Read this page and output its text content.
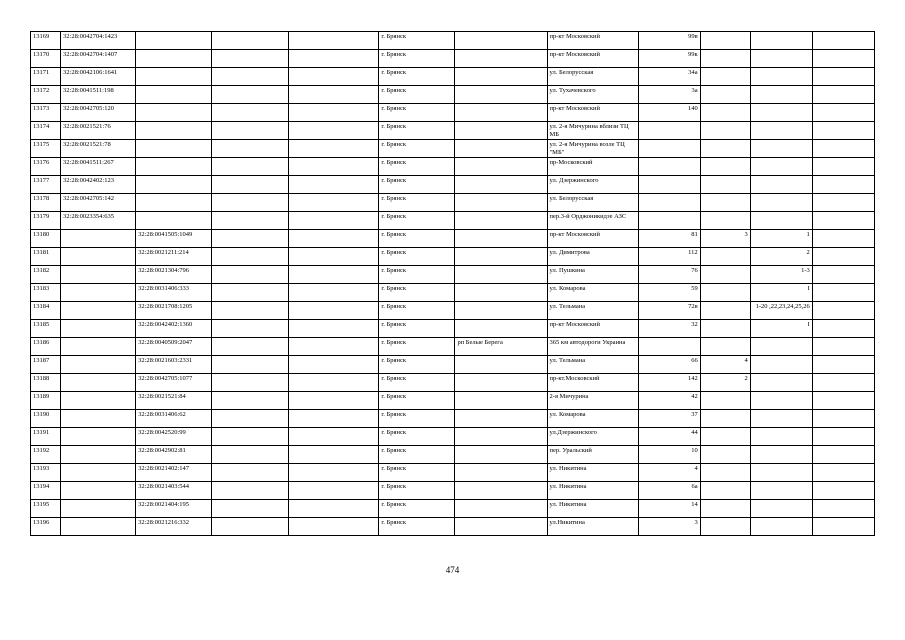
13169	32:28:0042704:1423				г. Брянск		пр-кт Московский	99в			
13170	32:28:0042704:1407				г. Брянск		пр-кт Московский	99к			
13171	32:28:0042106:1641				г. Брянск		ул. Белорусская	34а			
13172	32:28:0041511:198				г. Брянск		ул. Тухачевского	3а			
13173	32:28:0042705:120				г. Брянск		пр-кт Московский	140			
13174	32:28:0021521:76				г. Брянск		ул. 2-я Мичурина вблизи ТЦ МБ				
13175	32:28:0021521:78				г. Брянск		ул. 2-я Мичурина возле ТЦ "МБ"				
13176	32:28:0041511:267				г. Брянск		пр-Московский				
13177	32:28:0042402:123				г. Брянск		ул. Дзержинского				
13178	32:28:0042705:142				г. Брянск		ул. Белорусская				
13179	32:28:0023354:635				г. Брянск		пер.3-й Орджоникидзе АЗС				
13180		32:28:0041505:1049			г. Брянск		пр-кт Московский	81	3	1	
13181		32:28:0021211:214			г. Брянск		ул. Димитрова	112		2	
13182		32:28:0021304:796			г. Брянск		ул. Пушкина	76		1-3	
13183		32:28:0031406:333			г. Брянск		ул. Комарова	59		I	
13184		32:28:0021708:1205			г. Брянск		ул. Тельмана	72в		1-20 ,22,23,24,25,26	
13185		32:28:0042402:1360			г. Брянск		пр-кт Московский	32		I	
13186		32:28:0040509:2047			г. Брянск	рп Белые Берега	365 км автодороги Украина				
13187		32:28:0021603:2331			г. Брянск		ул. Тельмана	66	4		
13188		32:28:0042705:1077			г. Брянск		пр-кт.Московский	142	2		
13189		32:28:0021521:84			г. Брянск		2-я Мичурина	42			
13190		32:28:0031406:62			г. Брянск		ул. Комарова	37			
13191		32:28:0042520:99			г. Брянск		ул.Дзержинского	44			
13192		32:28:0042902:81			г. Брянск		пер. Уральский	10			
13193		32:28:0021402:147			г. Брянск		ул. Никитина	4			
13194		32:28:0021403:544			г. Брянск		ул. Никитина	6а			
13195		32:28:0021404:195			г. Брянск		ул. Никитина	14			
13196		32:28:0021216:332			г. Брянск		ул.Никитина	3			
474
